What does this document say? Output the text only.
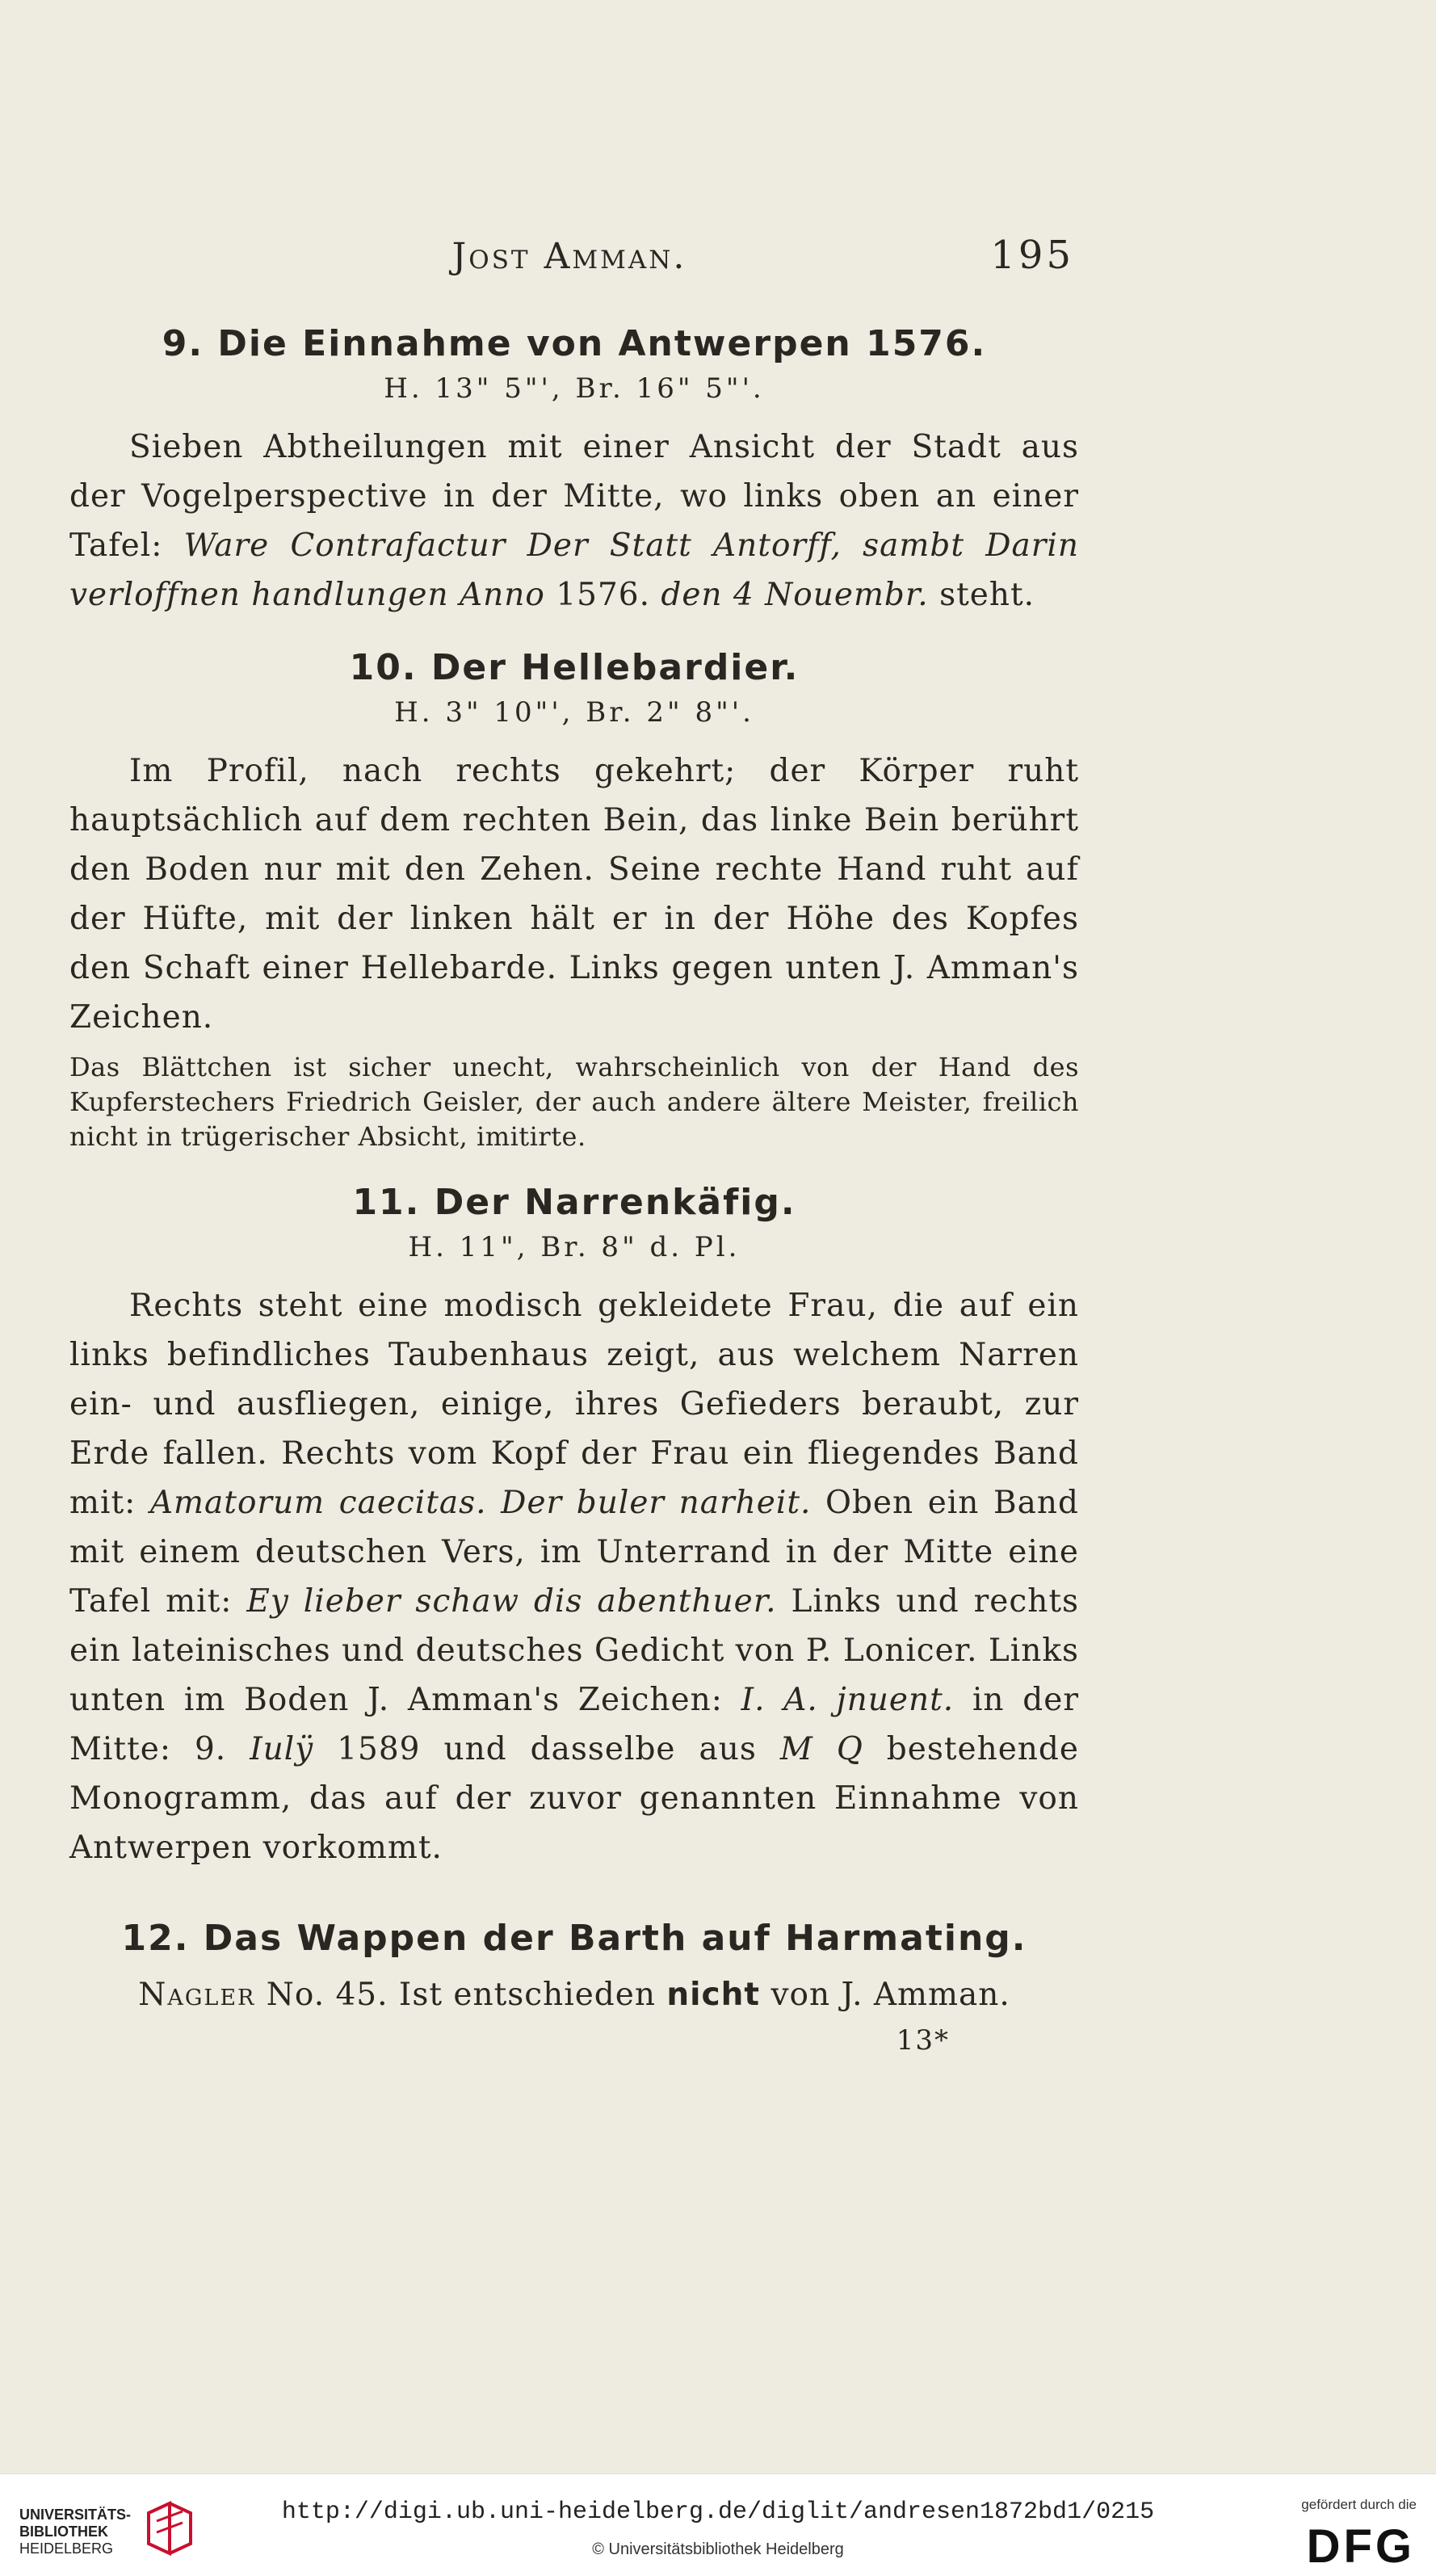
Jost Amman.	195
9. Die Einnahme von Antwerpen 1576.
H. 13" 5"', Br. 16" 5"'.

Sieben Abtheilungen mit einer Ansicht der Stadt aus der Vogelperspective in der Mitte, wo links oben an einer Tafel: Ware Contrafactur Der Statt Antorff, sambt Darin verloffnen handlungen Anno 1576. den 4 Nouembr. steht.

10. Der Hellebardier.
H. 3" 10"', Br. 2" 8"'.

Im Profil, nach rechts gekehrt; der Körper ruht hauptsächlich auf dem rechten Bein, das linke Bein berührt den Boden nur mit den Zehen. Seine rechte Hand ruht auf der Hüfte, mit der linken hält er in der Höhe des Kopfes den Schaft einer Hellebarde. Links gegen unten J. Amman's Zeichen.

Das Blättchen ist sicher unecht, wahrscheinlich von der Hand des Kupferstechers Friedrich Geisler, der auch andere ältere Meister, freilich nicht in trügerischer Absicht, imitirte.

11. Der Narrenkäfig.
H. 11", Br. 8" d. Pl.

Rechts steht eine modisch gekleidete Frau, die auf ein links befindliches Taubenhaus zeigt, aus welchem Narren ein- und ausfliegen, einige, ihres Gefieders beraubt, zur Erde fallen. Rechts vom Kopf der Frau ein fliegendes Band mit: Amatorum caecitas. Der buler narheit. Oben ein Band mit einem deutschen Vers, im Unterrand in der Mitte eine Tafel mit: Ey lieber schaw dis abenthuer. Links und rechts ein lateinisches und deutsches Gedicht von P. Lonicer. Links unten im Boden J. Amman's Zeichen: I. A. jnuent. in der Mitte: 9. Iulÿ 1589 und dasselbe aus M Q bestehende Monogramm, das auf der zuvor genannten Einnahme von Antwerpen vorkommt.

12. Das Wappen der Barth auf Harmating.

Nagler No. 45. Ist entschieden nicht von J. Amman.

13*
UNIVERSITÄTS-
BIBLIOTHEK
HEIDELBERG
http://digi.ub.uni-heidelberg.de/diglit/andresen1872bd1/0215
© Universitätsbibliothek Heidelberg
gefördert durch die
DFG
